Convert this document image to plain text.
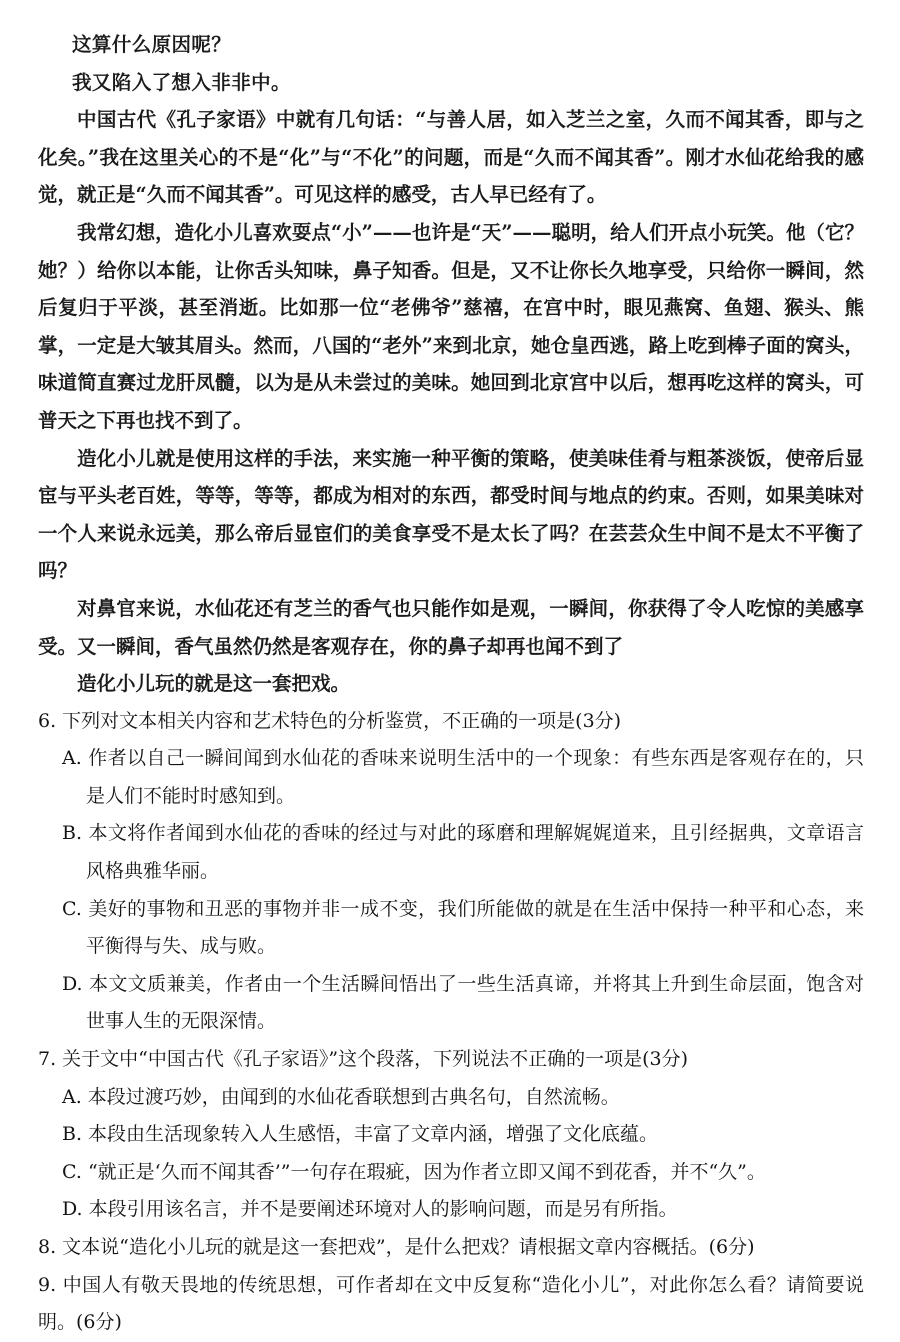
这算什么原因呢？
我又陷入了想入非非中。
中国古代《孔子家语》中就有几句话：“与善人居，如入芝兰之室，久而不闻其香，即与之化矣。”我在这里关心的不是“化”与“不化”的问题，而是“久而不闻其香”。刚才水仙花给我的感觉，就正是“久而不闻其香”。可见这样的感受，古人早已经有了。
我常幻想，造化小儿喜欢耍点“小”——也许是“天”——聪明，给人们开点小玩笑。他（它？她？）给你以本能，让你舌头知味，鼻子知香。但是，又不让你长久地享受，只给你一瞬间，然后复归于平淡，甚至消逝。比如那一位“老佛爷”慈禧，在宫中时，眼见燕窝、鱼翅、猴头、熊掌，一定是大皱其眉头。然而，八国的“老外”来到北京，她仓皇西逃，路上吃到棒子面的窝头，味道简直赛过龙肝凤髓，以为是从未尝过的美味。她回到北京宫中以后，想再吃这样的窝头，可普天之下再也找不到了。
造化小儿就是使用这样的手法，来实施一种平衡的策略，使美味佳肴与粗茶淡饭，使帝后显宦与平头老百姓，等等，等等，都成为相对的东西，都受时间与地点的约束。否则，如果美味对一个人来说永远美，那么帝后显宦们的美食享受不是太长了吗？在芸芸众生中间不是太不平衡了吗？
对鼻官来说，水仙花还有芝兰的香气也只能作如是观，一瞬间，你获得了令人吃惊的美感享受。又一瞬间，香气虽然仍然是客观存在，你的鼻子却再也闻不到了
造化小儿玩的就是这一套把戏。
6. 下列对文本相关内容和艺术特色的分析鉴赏，不正确的一项是(3分)
A. 作者以自己一瞬间闻到水仙花的香味来说明生活中的一个现象：有些东西是客观存在的，只是人们不能时时感知到。
B. 本文将作者闻到水仙花的香味的经过与对此的琢磨和理解娓娓道来，且引经据典，文章语言风格典雅华丽。
C. 美好的事物和丑恶的事物并非一成不变，我们所能做的就是在生活中保持一种平和心态，来平衡得与失、成与败。
D. 本文文质兼美，作者由一个生活瞬间悟出了一些生活真谛，并将其上升到生命层面，饱含对世事人生的无限深情。
7. 关于文中“中国古代《孔子家语》”这个段落，下列说法不正确的一项是(3分)
A. 本段过渡巧妙，由闻到的水仙花香联想到古典名句，自然流畅。
B. 本段由生活现象转入人生感悟，丰富了文章内涵，增强了文化底蕴。
C. “就正是‘久而不闻其香’”一句存在瑕疵，因为作者立即又闻不到花香，并不“久”。
D. 本段引用该名言，并不是要阐述环境对人的影响问题，而是另有所指。
8. 文本说“造化小儿玩的就是这一套把戏”，是什么把戏？请根据文章内容概括。(6分)
9. 中国人有敬天畏地的传统思想，可作者却在文中反复称“造化小儿”，对此你怎么看？请简要说明。(6分)
